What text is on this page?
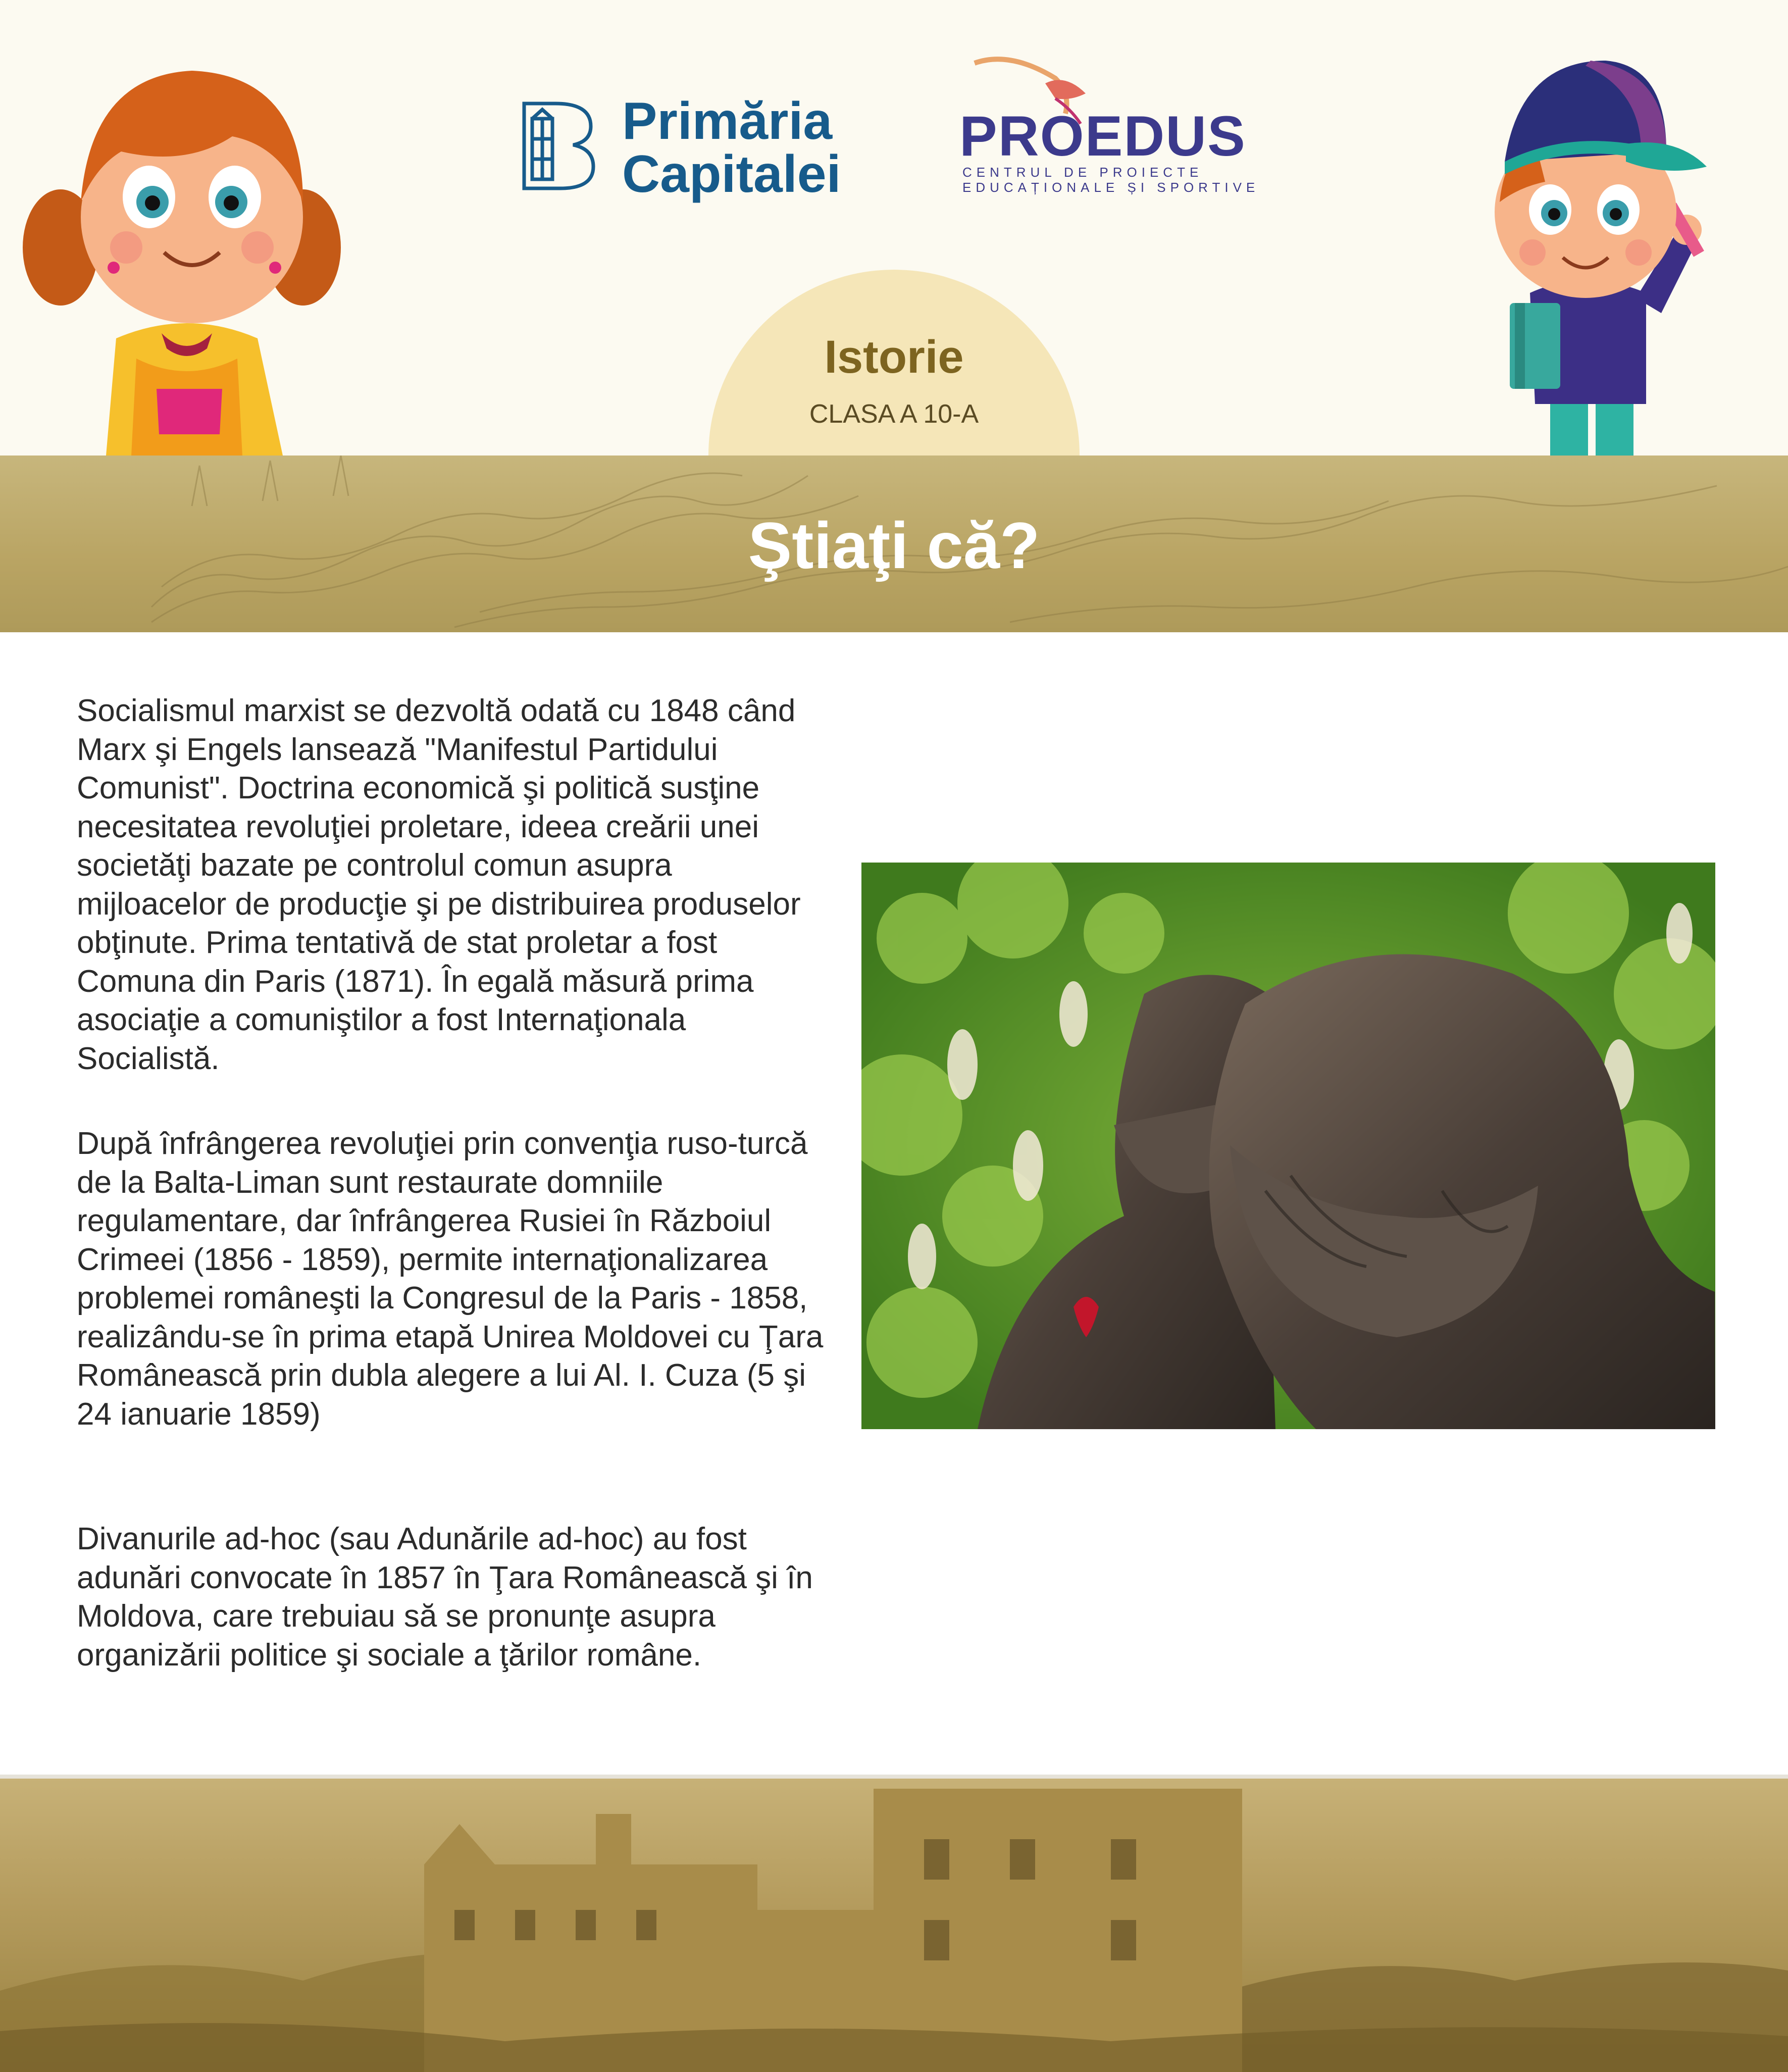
Primăria
Capitalei
PROEDUS
CENTRUL DE PROIECTE
EDUCAȚIONALE ȘI SPORTIVE
Istorie
CLASA A 10-A
Ştiaţi că?

Socialismul marxist se dezvoltă odată cu 1848 când Marx şi Engels lansează "Manifestul Partidului Comunist". Doctrina economică şi politică susţine necesitatea revoluţiei proletare, ideea creării unei societăţi bazate pe controlul comun asupra mijloacelor de producţie şi pe distribuirea produselor obţinute. Prima tentativă de stat proletar a fost Comuna din Paris (1871). În egală măsură prima asociaţie a comuniştilor a fost Internaţionala Socialistă.

După înfrângerea revoluţiei prin convenţia ruso-turcă de la Balta-Liman sunt restaurate domniile regulamentare, dar înfrângerea Rusiei în Războiul Crimeei (1856 - 1859), permite internaţionalizarea problemei româneşti la Congresul de la Paris - 1858, realizându-se în prima etapă Unirea Moldovei cu Ţara Românească prin dubla alegere a lui Al. I. Cuza (5 şi 24 ianuarie 1859)

Divanurile ad-hoc (sau Adunările ad-hoc) au fost adunări convocate în 1857 în Ţara Românească şi în Moldova, care trebuiau să se pronunţe asupra organizării politice şi sociale a ţărilor române.
